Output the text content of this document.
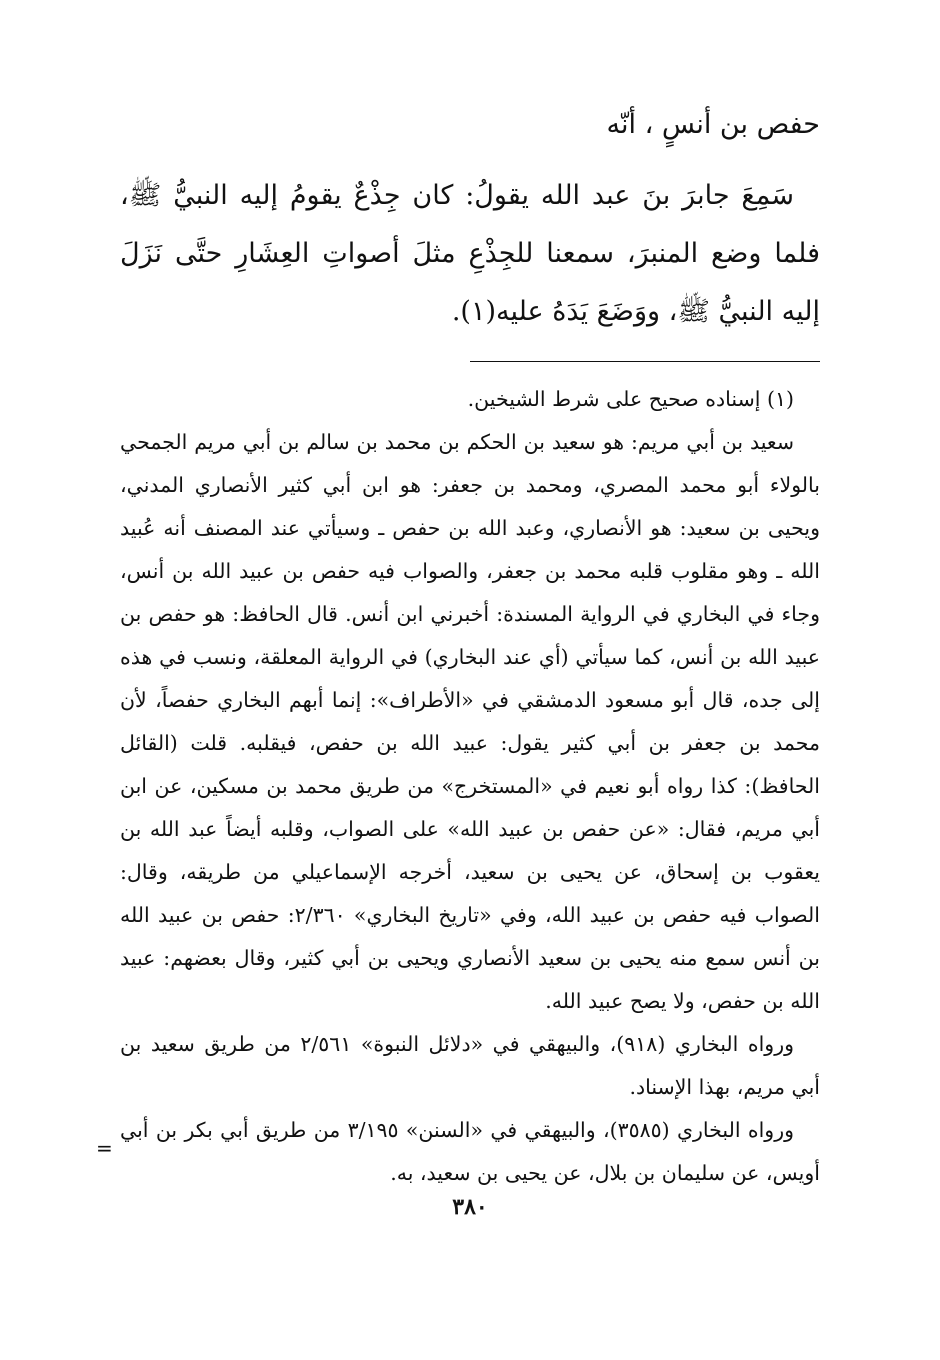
حفص بن أنسٍ ، أنّه

سَمِعَ جابرَ بنَ عبد الله يقولُ: كان جِذْعٌ يقومُ إليه النبيُّ ﷺ، فلما وضع المنبرَ، سمعنا للجِذْعِ مثلَ أصواتِ العِشَارِ حتَّى نَزَلَ إليه النبيُّ ﷺ، ووَضَعَ يَدَهُ عليه(١).

(١) إسناده صحيح على شرط الشيخين.

سعيد بن أبي مريم: هو سعيد بن الحكم بن محمد بن سالم بن أبي مريم الجمحي بالولاء أبو محمد المصري، ومحمد بن جعفر: هو ابن أبي كثير الأنصاري المدني، ويحيى بن سعيد: هو الأنصاري، وعبد الله بن حفص ـ وسيأتي عند المصنف أنه عُبيد الله ـ وهو مقلوب قلبه محمد بن جعفر، والصواب فيه حفص بن عبيد الله بن أنس، وجاء في البخاري في الرواية المسندة: أخبرني ابن أنس. قال الحافظ: هو حفص بن عبيد الله بن أنس، كما سيأتي (أي عند البخاري) في الرواية المعلقة، ونسب في هذه إلى جده، قال أبو مسعود الدمشقي في «الأطراف»: إنما أبهم البخاري حفصاً، لأن محمد بن جعفر بن أبي كثير يقول: عبيد الله بن حفص، فيقلبه. قلت (القائل الحافظ): كذا رواه أبو نعيم في «المستخرج» من طريق محمد بن مسكين، عن ابن أبي مريم، فقال: «عن حفص بن عبيد الله» على الصواب، وقلبه أيضاً عبد الله بن يعقوب بن إسحاق، عن يحيى بن سعيد، أخرجه الإسماعيلي من طريقه، وقال: الصواب فيه حفص بن عبيد الله، وفي «تاريخ البخاري» ٢/٣٦٠: حفص بن عبيد الله بن أنس سمع منه يحيى بن سعيد الأنصاري ويحيى بن أبي كثير، وقال بعضهم: عبيد الله بن حفص، ولا يصح عبيد الله.

ورواه البخاري (٩١٨)، والبيهقي في «دلائل النبوة» ٢/٥٦١ من طريق سعيد بن أبي مريم، بهذا الإسناد.

ورواه البخاري (٣٥٨٥)، والبيهقي في «السنن» ٣/١٩٥ من طريق أبي بكر بن أبي أويس، عن سليمان بن بلال، عن يحيى بن سعيد، به.

=
٣٨٠
